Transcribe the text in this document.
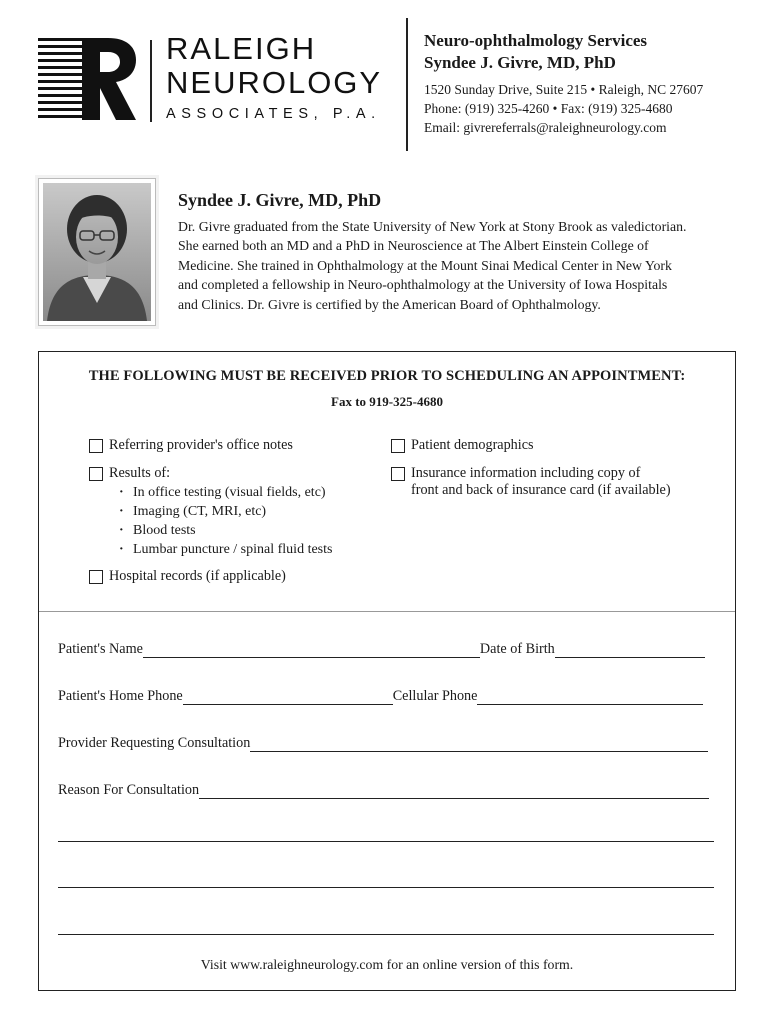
RALEIGH
NEUROLOGY
ASSOCIATES, P.A.
Neuro-ophthalmology Services
Syndee J. Givre, MD, PhD
1520 Sunday Drive, Suite 215 • Raleigh, NC 27607
Phone: (919) 325-4260 • Fax: (919) 325-4680
Email: givrereferrals@raleighneurology.com
Syndee J. Givre, MD, PhD

Dr. Givre graduated from the State University of New York at Stony Brook as valedictorian.
She earned both an MD and a PhD in Neuroscience at The Albert Einstein College of
Medicine. She trained in Ophthalmology at the Mount Sinai Medical Center in New York
and completed a fellowship in Neuro-ophthalmology at the University of Iowa Hospitals
and Clinics. Dr. Givre is certified by the American Board of Ophthalmology.

THE FOLLOWING MUST BE RECEIVED PRIOR TO SCHEDULING AN APPOINTMENT:
Fax to 919-325-4680
Referring provider's office notes
Results of:
· In office testing (visual fields, etc)
· Imaging (CT, MRI, etc)
· Blood tests
· Lumbar puncture / spinal fluid tests
Hospital records (if applicable)
Patient demographics
Insurance information including copy of
front and back of insurance card (if available)
Patient's Name	Date of Birth
Patient's Home Phone	Cellular Phone
Provider Requesting Consultation
Reason For Consultation
Visit www.raleighneurology.com for an online version of this form.
